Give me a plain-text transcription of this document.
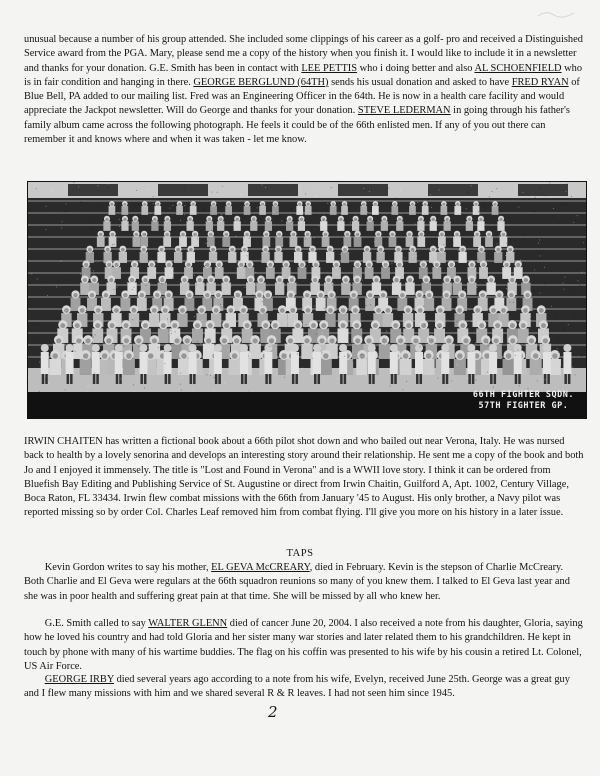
unusual because a number of his group attended. She included some clippings of his career as a golf- pro and received a Distinguished Service award from the PGA. Mary, please send me a copy of the history when you finish it. I would like to include it in a newsletter and thanks for your donation. G.E. Smith has been in contact with LEE PETTIS who i doing better and also AL SCHOENFIELD who is in fair condition and hanging in there. GEORGE BERGLUND (64TH) sends his usual donation and asked to have FRED RYAN of Blue Bell, PA added to our mailing list. Fred was an Engineering Officer in the 64th. He is now in a health care facility and would appreciate the Jackpot newsletter. Will do George and thanks for your donation. STEVE LEDERMAN in going through his father's family album came across the following photograph. He feels it could be of the 66th enlisted men. If any of you out there can remember it and knows where and when it was taken - let me know.

66TH FIGHTER SQDN.
57TH FIGHTER GP.

IRWIN CHAITEN has written a fictional book about a 66th pilot shot down and who bailed out near Verona, Italy. He was nursed back to health by a lovely senorina and develops an interesting story around their relationship. He sent me a copy of the book and both Jo and I enjoyed it immensely. The title is "Lost and Found in Verona" and is a WWII love story. I think it can be ordered from Bluefish Bay Editing and Publishing Service of St. Augustine or direct from Irwin Chaitin, Guilford A, Apt. 1002, Century Village, Boca Raton, FL 33434. Irwin flew combat missions with the 66th from January '45 to August. His only brother, a Navy pilot was reported missing so by order Col. Charles Leaf removed him from combat flying. I'll give you more on his history in a later issue.

TAPS

Kevin Gordon writes to say his mother, EL GEVA McCREARY, died in February. Kevin is the stepson of Charlie McCreary. Both Charlie and El Geva were regulars at the 66th squadron reunions so many of you knew them. I talked to El Geva last year and she was in poor health and suffering great pain at that time. She will be missed by all who knew her.

G.E. Smith called to say WALTER GLENN died of cancer June 20, 2004. I also received a note from his daughter, Gloria, saying how he loved his country and had told Gloria and her sister many war stories and later related them to his grandchildren. He kept in touch by phone with many of his wartime buddies. The flag on his coffin was presented to his wife by his cousin a retired Lt. Colonel, US Air Force.

GEORGE IRBY died several years ago according to a note from his wife, Evelyn, received June 25th. George was a great guy and I flew many missions with him and we shared several R & R leaves. I had not seen him since 1945.

2
